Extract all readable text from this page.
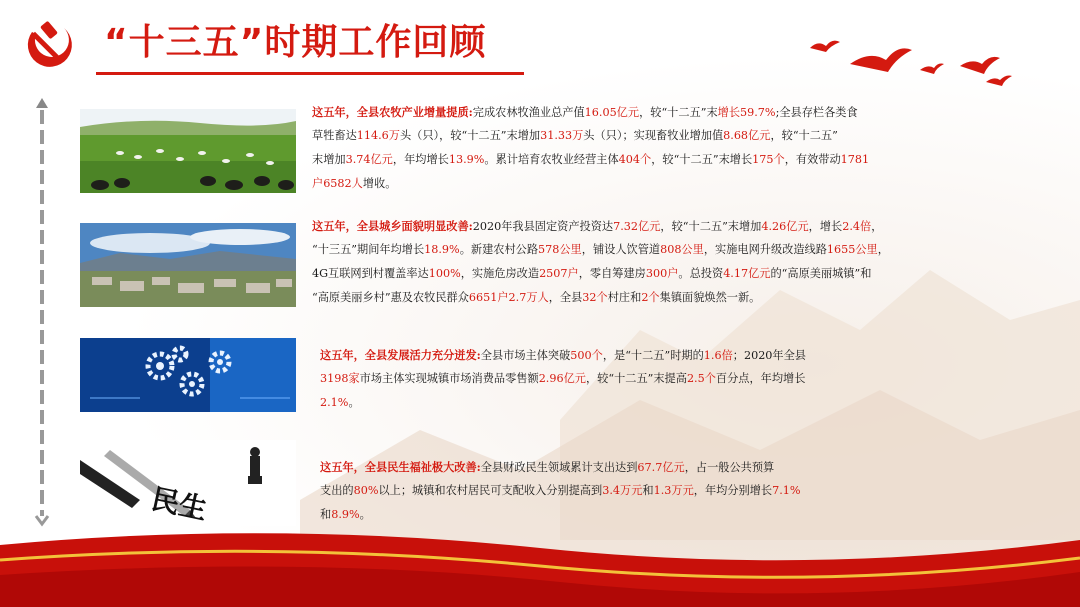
“十三五”时期工作回顾
民生
这五年，全县农牧产业增量提质:完成农林牧渔业总产值16.05亿元，较“十二五”末增长59.7%;全县存栏各类食
草牲畜达114.6万头（只），较“十二五”末增加31.33万头（只）；实现畜牧业增加值8.68亿元，较“十二五”
末增加3.74亿元，年均增长13.9%。累计培育农牧业经营主体404个，较“十二五”末增长175个，有效带动1781
户6582人增收。
这五年，全县城乡面貌明显改善:2020年我县固定资产投资达7.32亿元，较“十二五”末增加4.26亿元，增长2.4倍，
“十三五”期间年均增长18.9%。新建农村公路578公里，铺设人饮管道808公里，实施电网升级改造线路1655公里，
4G互联网到村覆盖率达100%，实施危房改造2507户，零自筹建房300户。总投资4.17亿元的“高原美丽城镇”和
“高原美丽乡村”惠及农牧民群众6651户2.7万人，全县32个村庄和2个集镇面貌焕然一新。
这五年，全县发展活力充分迸发:全县市场主体突破500个，是“十二五”时期的1.6倍；2020年全县
3198家市场主体实现城镇市场消费品零售额2.96亿元，较“十二五”末提高2.5个百分点，年均增长
2.1%。
这五年，全县民生福祉极大改善:全县财政民生领域累计支出达到67.7亿元，占一般公共预算
支出的80%以上；城镇和农村居民可支配收入分别提高到3.4万元和1.3万元，年均分别增长7.1%
和8.9%。
